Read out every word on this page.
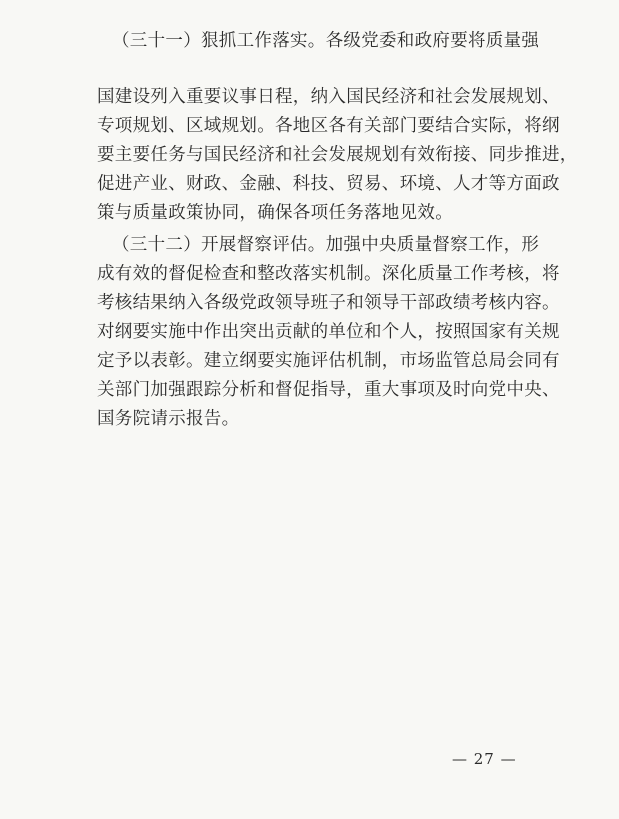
（三十一）狠抓工作落实。各级党委和政府要将质量强
国建设列入重要议事日程，纳入国民经济和社会发展规划、
专项规划、区域规划。各地区各有关部门要结合实际，将纲
要主要任务与国民经济和社会发展规划有效衔接、同步推进，
促进产业、财政、金融、科技、贸易、环境、人才等方面政
策与质量政策协同，确保各项任务落地见效。
（三十二）开展督察评估。加强中央质量督察工作，形
成有效的督促检查和整改落实机制。深化质量工作考核，将
考核结果纳入各级党政领导班子和领导干部政绩考核内容。
对纲要实施中作出突出贡献的单位和个人，按照国家有关规
定予以表彰。建立纲要实施评估机制，市场监管总局会同有
关部门加强跟踪分析和督促指导，重大事项及时向党中央、
国务院请示报告。
— 27 —
